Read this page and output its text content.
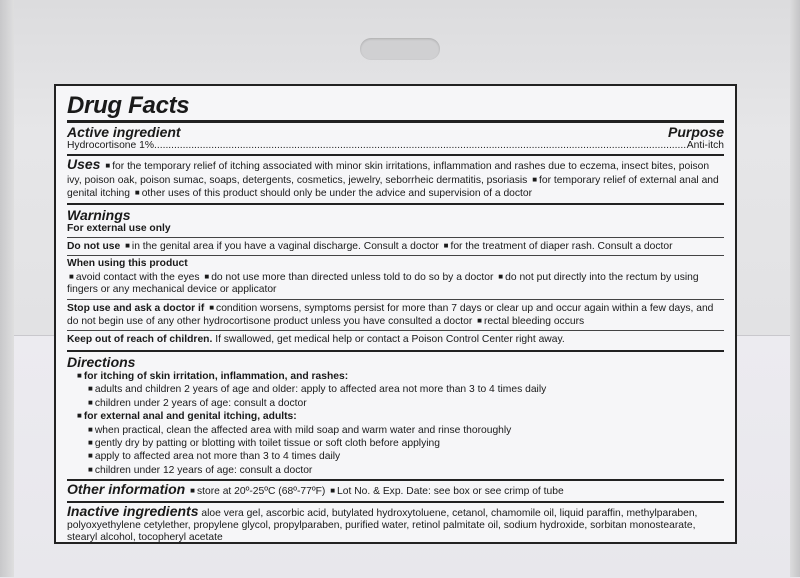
Drug Facts
Active ingredient	Purpose
Hydrocortisone 1%
.....	Anti-itch
Uses ■ for the temporary relief of itching associated with minor skin irritations, inflammation and rashes due to eczema, insect bites, poison ivy, poison oak, poison sumac, soaps, detergents, cosmetics, jewelry, seborrheic dermatitis, psoriasis ■ for temporary relief of external anal and genital itching ■ other uses of this product should only be under the advice and supervision of a doctor
Warnings
For external use only
Do not use ■ in the genital area if you have a vaginal discharge. Consult a doctor ■ for the treatment of diaper rash. Consult a doctor
When using this product
■ avoid contact with the eyes ■ do not use more than directed unless told to do so by a doctor ■ do not put directly into the rectum by using fingers or any mechanical device or applicator
Stop use and ask a doctor if ■ condition worsens, symptoms persist for more than 7 days or clear up and occur again within a few days, and do not begin use of any other hydrocortisone product unless you have consulted a doctor ■ rectal bleeding occurs
Keep out of reach of children. If swallowed, get medical help or contact a Poison Control Center right away.
Directions
■ for itching of skin irritation, inflammation, and rashes:
■ adults and children 2 years of age and older: apply to affected area not more than 3 to 4 times daily
■ children under 2 years of age: consult a doctor
■ for external anal and genital itching, adults:
■ when practical, clean the affected area with mild soap and warm water and rinse thoroughly
■ gently dry by patting or blotting with toilet tissue or soft cloth before applying
■ apply to affected area not more than 3 to 4 times daily
■ children under 12 years of age: consult a doctor
Other information ■ store at 20º-25ºC (68º-77ºF) ■ Lot No. & Exp. Date: see box or see crimp of tube
Inactive ingredients aloe vera gel, ascorbic acid, butylated hydroxytoluene, cetanol, chamomile oil, liquid paraffin, methylparaben, polyoxyethylene cetylether, propylene glycol, propylparaben, purified water, retinol palmitate oil, sodium hydroxide, sorbitan monostearate, stearyl alcohol, tocopheryl acetate
